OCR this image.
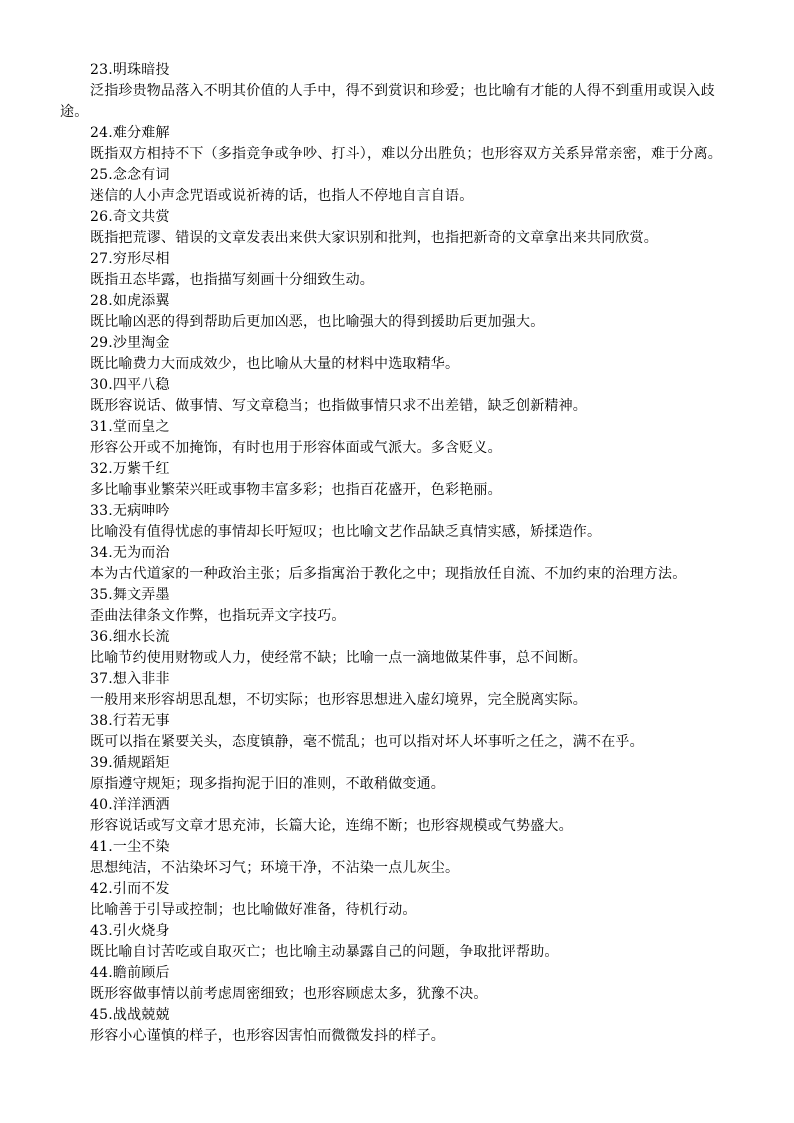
23.明珠暗投
泛指珍贵物品落入不明其价值的人手中，得不到赏识和珍爱；也比喻有才能的人得不到重用或误入歧途。
24.难分难解
既指双方相持不下（多指竞争或争吵、打斗），难以分出胜负；也形容双方关系异常亲密，难于分离。
25.念念有词
迷信的人小声念咒语或说祈祷的话，也指人不停地自言自语。
26.奇文共赏
既指把荒谬、错误的文章发表出来供大家识别和批判，也指把新奇的文章拿出来共同欣赏。
27.穷形尽相
既指丑态毕露，也指描写刻画十分细致生动。
28.如虎添翼
既比喻凶恶的得到帮助后更加凶恶，也比喻强大的得到援助后更加强大。
29.沙里淘金
既比喻费力大而成效少，也比喻从大量的材料中选取精华。
30.四平八稳
既形容说话、做事情、写文章稳当；也指做事情只求不出差错，缺乏创新精神。
31.堂而皇之
形容公开或不加掩饰，有时也用于形容体面或气派大。多含贬义。
32.万紫千红
多比喻事业繁荣兴旺或事物丰富多彩；也指百花盛开，色彩艳丽。
33.无病呻吟
比喻没有值得忧虑的事情却长吁短叹；也比喻文艺作品缺乏真情实感，矫揉造作。
34.无为而治
本为古代道家的一种政治主张；后多指寓治于教化之中；现指放任自流、不加约束的治理方法。
35.舞文弄墨
歪曲法律条文作弊，也指玩弄文字技巧。
36.细水长流
比喻节约使用财物或人力，使经常不缺；比喻一点一滴地做某件事，总不间断。
37.想入非非
一般用来形容胡思乱想，不切实际；也形容思想进入虚幻境界，完全脱离实际。
38.行若无事
既可以指在紧要关头，态度镇静，毫不慌乱；也可以指对坏人坏事听之任之，满不在乎。
39.循规蹈矩
原指遵守规矩；现多指拘泥于旧的准则，不敢稍做变通。
40.洋洋洒洒
形容说话或写文章才思充沛，长篇大论，连绵不断；也形容规模或气势盛大。
41.一尘不染
思想纯洁，不沾染坏习气；环境干净，不沾染一点儿灰尘。
42.引而不发
比喻善于引导或控制；也比喻做好准备，待机行动。
43.引火烧身
既比喻自讨苦吃或自取灭亡；也比喻主动暴露自己的问题，争取批评帮助。
44.瞻前顾后
既形容做事情以前考虑周密细致；也形容顾虑太多，犹豫不决。
45.战战兢兢
形容小心谨慎的样子，也形容因害怕而微微发抖的样子。
